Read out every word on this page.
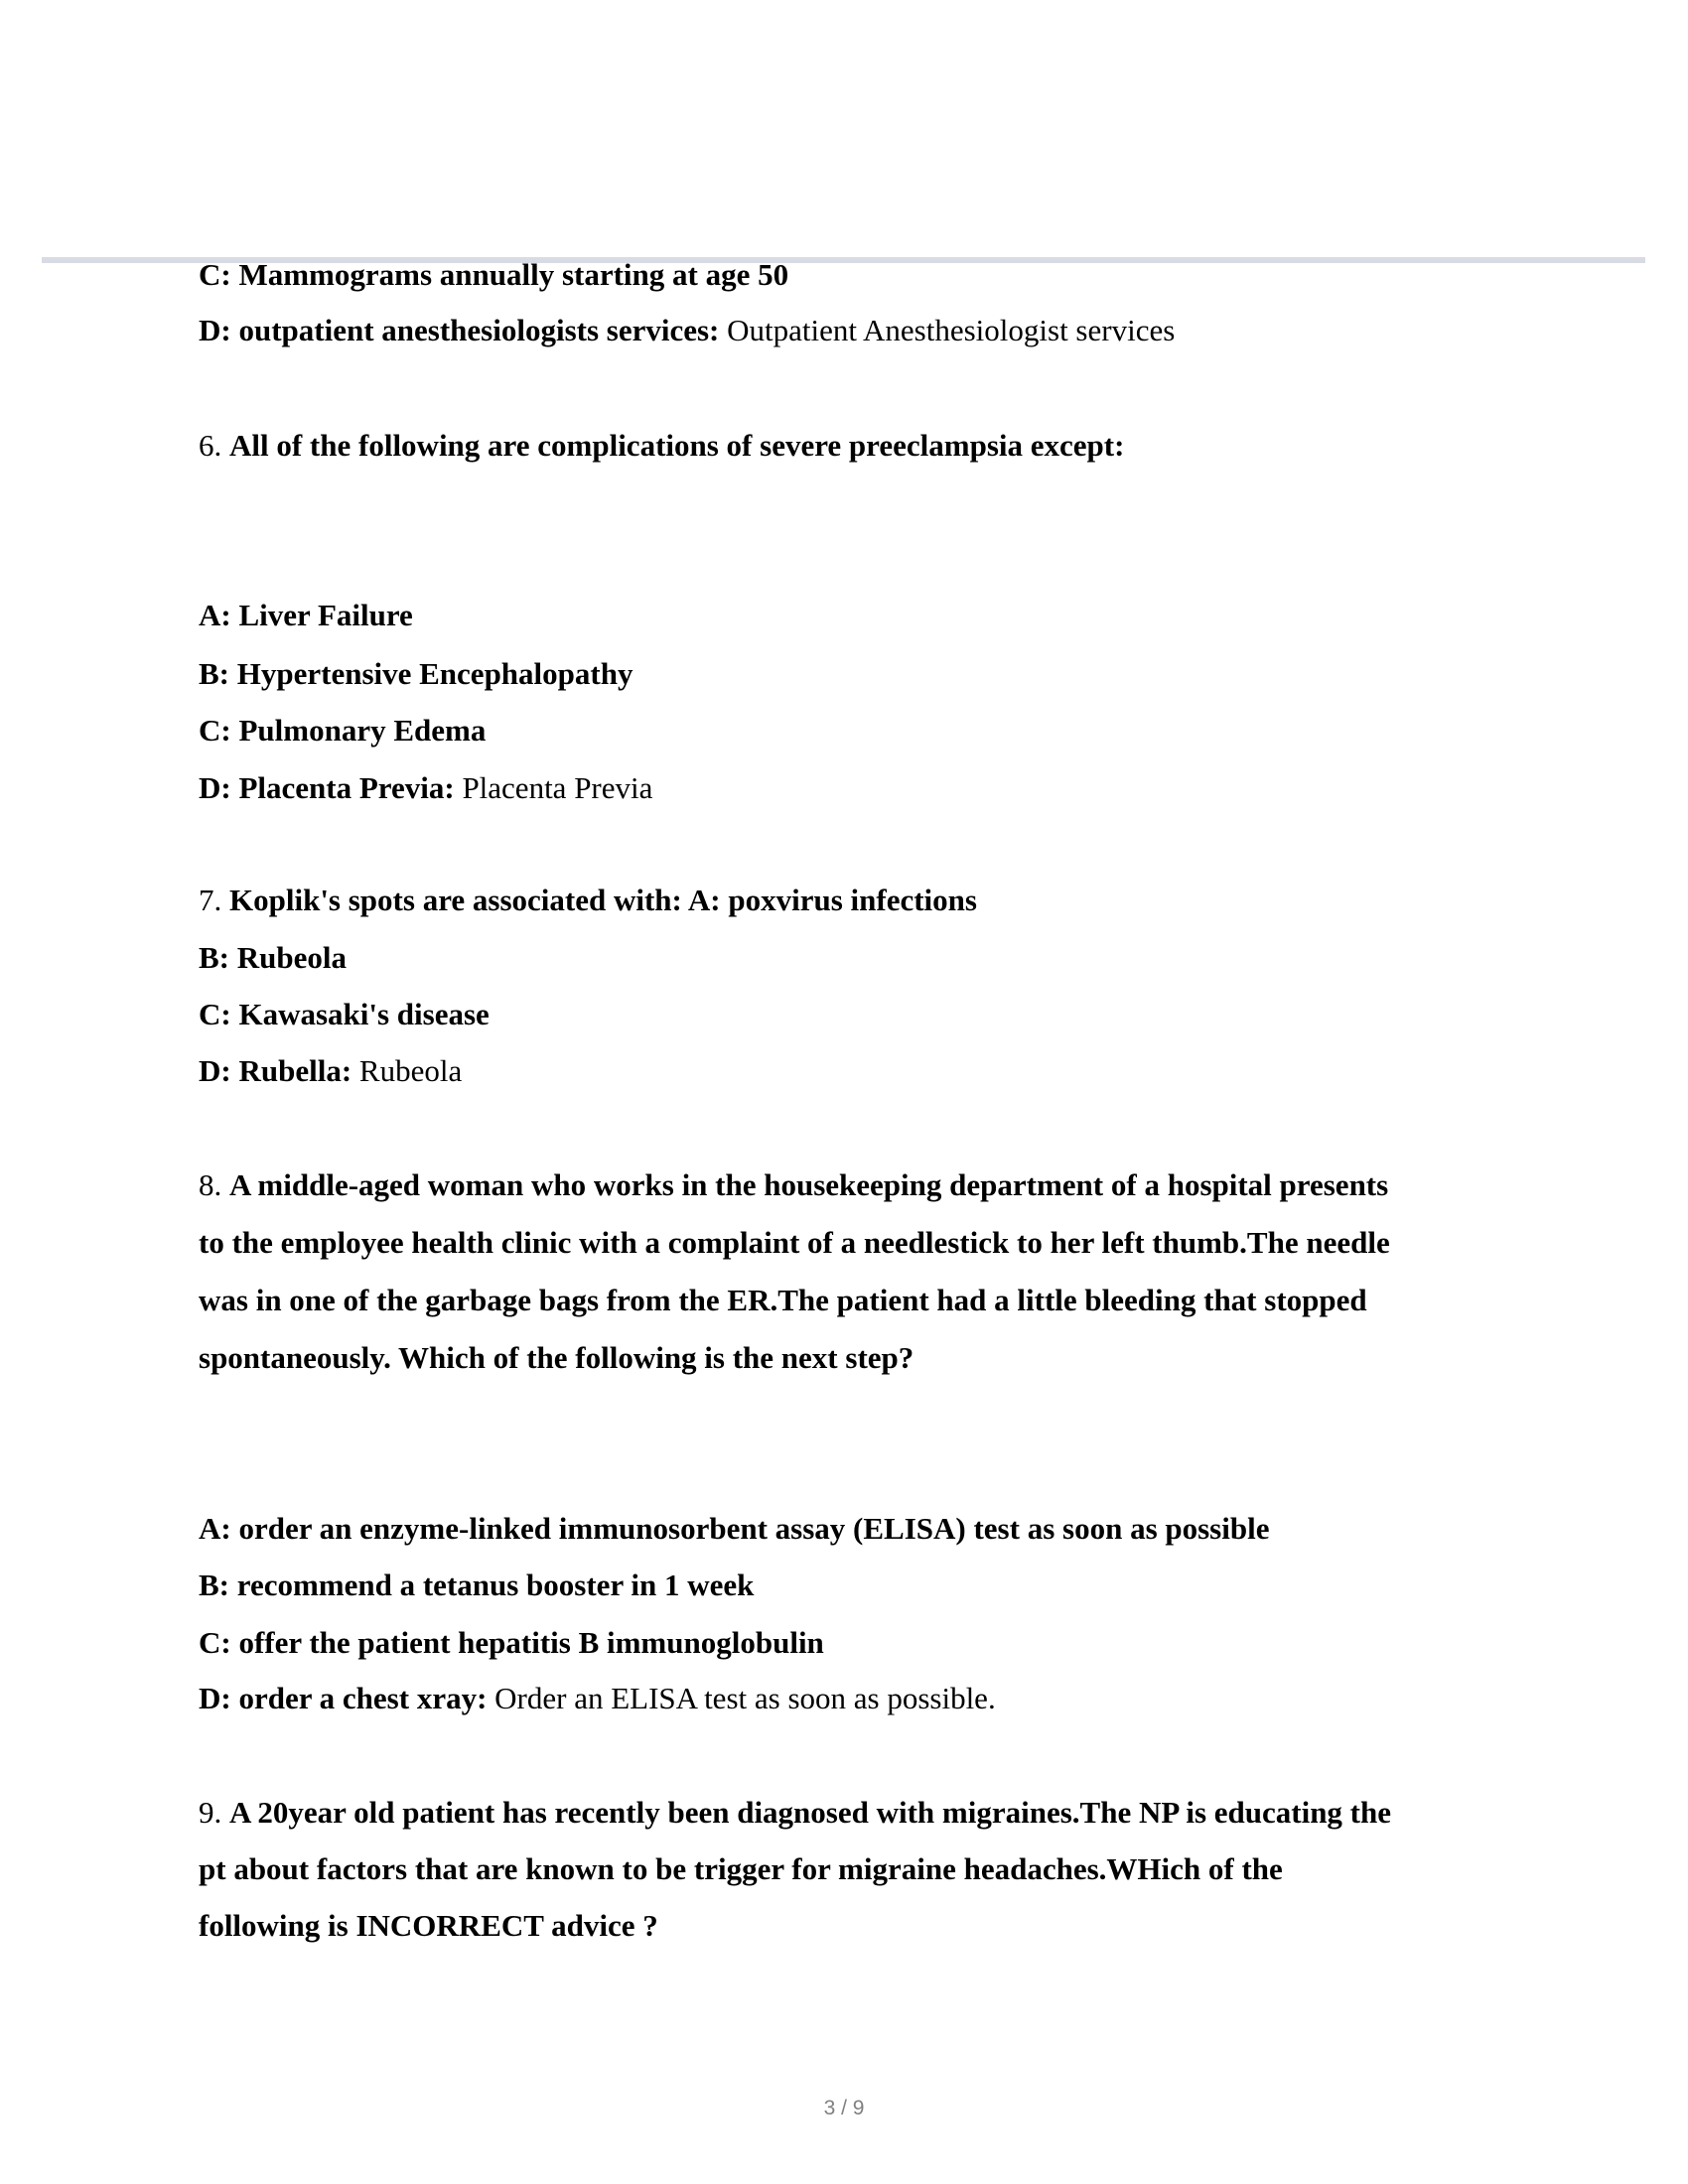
C: Mammograms annually starting at age 50
D: outpatient anesthesiologists services: Outpatient Anesthesiologist services
6. All of the following are complications of severe preeclampsia except:
A: Liver Failure
B: Hypertensive Encephalopathy
C: Pulmonary Edema
D: Placenta Previa: Placenta Previa
7. Koplik's spots are associated with: A: poxvirus infections
B: Rubeola
C: Kawasaki's disease
D: Rubella: Rubeola
8. A middle-aged woman who works in the housekeeping department of a hospital presents
to the employee health clinic with a complaint of a needlestick to her left thumb.The needle
was in one of the garbage bags from the ER.The patient had a little bleeding that stopped
spontaneously. Which of the following is the next step?
A: order an enzyme-linked immunosorbent assay (ELISA) test as soon as possible
B: recommend a tetanus booster in 1 week
C: offer the patient hepatitis B immunoglobulin
D: order a chest xray: Order an ELISA test as soon as possible.
9. A 20year old patient has recently been diagnosed with migraines.The NP is educating the
pt about factors that are known to be trigger for migraine headaches.WHich of the
following is INCORRECT advice ?
3 / 9
